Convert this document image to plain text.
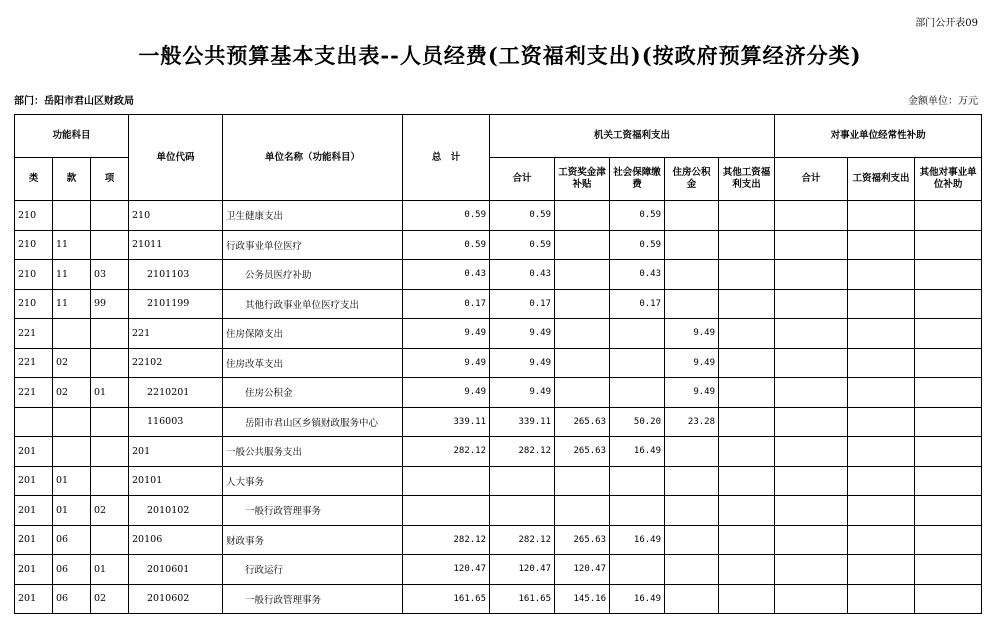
部门公开表09
一般公共预算基本支出表--人员经费(工资福利支出)(按政府预算经济分类)
部门：岳阳市君山区财政局	金额单位：万元
功能科目			单位代码	单位名称（功能科目）	总　计	机关工资福利支出					对事业单位经常性补助		
类	款	项				合计	工资奖金津补贴	社会保障缴费	住房公积金	其他工资福利支出	合计	工资福利支出	其他对事业单位补助
210			210	卫生健康支出	0.59	0.59		0.59					
210	11		21011	行政事业单位医疗	0.59	0.59		0.59					
210	11	03	2101103	公务员医疗补助	0.43	0.43		0.43					
210	11	99	2101199	其他行政事业单位医疗支出	0.17	0.17		0.17					
221			221	住房保障支出	9.49	9.49			9.49				
221	02		22102	住房改革支出	9.49	9.49			9.49				
221	02	01	2210201	住房公积金	9.49	9.49			9.49				
			116003	岳阳市君山区乡镇财政服务中心	339.11	339.11	265.63	50.20	23.28				
201			201	一般公共服务支出	282.12	282.12	265.63	16.49					
201	01		20101	人大事务									
201	01	02	2010102	一般行政管理事务									
201	06		20106	财政事务	282.12	282.12	265.63	16.49					
201	06	01	2010601	行政运行	120.47	120.47	120.47						
201	06	02	2010602	一般行政管理事务	161.65	161.65	145.16	16.49					
